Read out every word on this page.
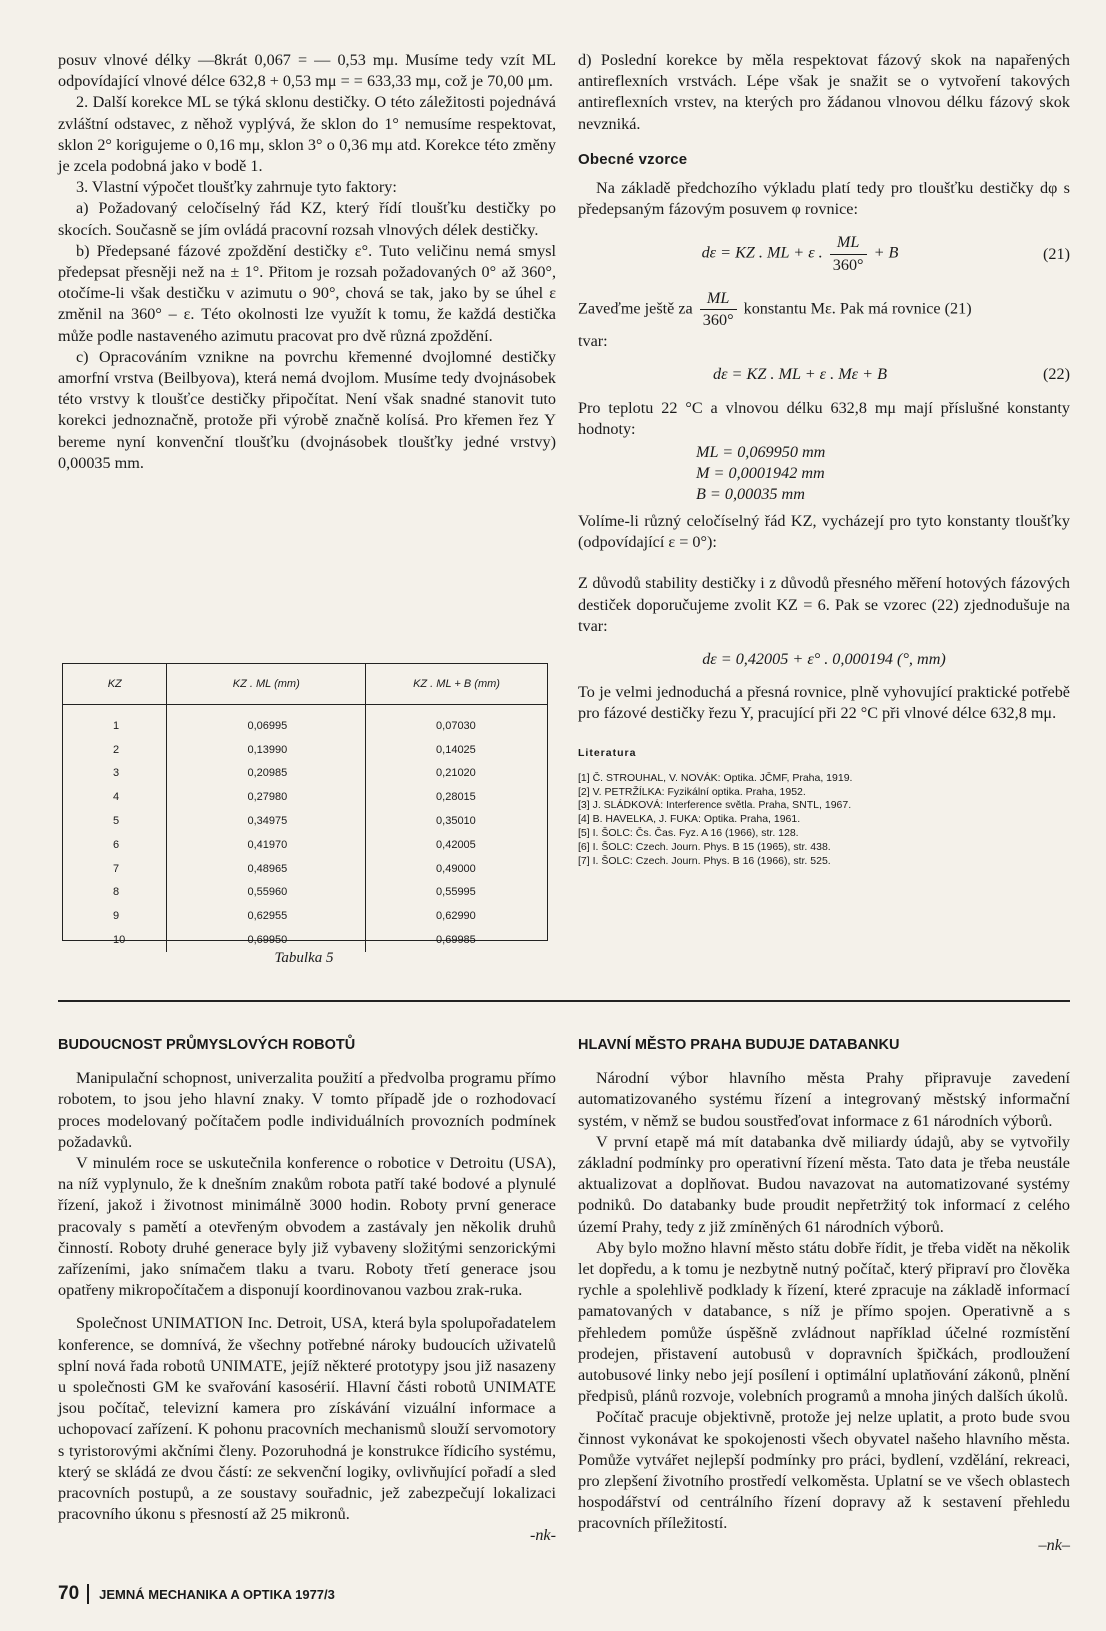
posuv vlnové délky —8krát 0,067 = — 0,53 mμ. Musíme tedy vzít ML odpovídající vlnové délce 632,8 + 0,53 mμ = = 633,33 mμ, což je 70,00 μm.

2. Další korekce ML se týká sklonu destičky. O této záležitosti pojednává zvláštní odstavec, z něhož vyplývá, že sklon do 1° nemusíme respektovat, sklon 2° korigujeme o 0,16 mμ, sklon 3° o 0,36 mμ atd. Korekce této změny je zcela podobná jako v bodě 1.

3. Vlastní výpočet tloušťky zahrnuje tyto faktory:

a) Požadovaný celočíselný řád KZ, který řídí tloušťku destičky po skocích. Současně se jím ovládá pracovní rozsah vlnových délek destičky.

b) Předepsané fázové zpoždění destičky ε°. Tuto veličinu nemá smysl předepsat přesněji než na ± 1°. Přitom je rozsah požadovaných 0° až 360°, otočíme-li však destičku v azimutu o 90°, chová se tak, jako by se úhel ε změnil na 360° – ε. Této okolnosti lze využít k tomu, že každá destička může podle nastaveného azimutu pracovat pro dvě různá zpoždění.

c) Opracováním vznikne na povrchu křemenné dvojlomné destičky amorfní vrstva (Beilbyova), která nemá dvojlom. Musíme tedy dvojnásobek této vrstvy k tloušťce destičky připočítat. Není však snadné stanovit tuto korekci jednoznačně, protože při výrobě značně kolísá. Pro křemen řez Y bereme nyní konvenční tloušťku (dvojnásobek tloušťky jedné vrstvy) 0,00035 mm.

KZ	KZ . ML (mm)	KZ . ML + B (mm)
1	0,06995	0,07030
2	0,13990	0,14025
3	0,20985	0,21020
4	0,27980	0,28015
5	0,34975	0,35010
6	0,41970	0,42005
7	0,48965	0,49000
8	0,55960	0,55995
9	0,62955	0,62990
10	0,69950	0,69985
Tabulka 5

d) Poslední korekce by měla respektovat fázový skok na napařených antireflexních vrstvách. Lépe však je snažit se o vytvoření takových antireflexních vrstev, na kterých pro žádanou vlnovou délku fázový skok nevzniká.

Obecné vzorce

Na základě předchozího výkladu platí tedy pro tloušťku destičky dφ s předepsaným fázovým posuvem φ rovnice:

dε = KZ . ML + ε . $\frac{ML}{360^\circ} + B$	(21)

Zaveďme ještě za $\frac{ML}{360^\circ}$ konstantu Mε. Pak má rovnice (21)

tvar:

dε = KZ . ML + ε . Mε + B	(22)

Pro teplotu 22 °C a vlnovou délku 632,8 mμ mají příslušné konstanty hodnoty:

ML = 0,069950 mm
M = 0,0001942 mm
B = 0,00035 mm

Volíme-li různý celočíselný řád KZ, vycházejí pro tyto konstanty tloušťky (odpovídající ε = 0°):

Z důvodů stability destičky i z důvodů přesného měření hotových fázových destiček doporučujeme zvolit KZ = 6. Pak se vzorec (22) zjednodušuje na tvar:

dε = 0,42005 + ε° . 0,000194 (°, mm)

To je velmi jednoduchá a přesná rovnice, plně vyhovující praktické potřebě pro fázové destičky řezu Y, pracující při 22 °C při vlnové délce 632,8 mμ.

Literatura
[1] Č. STROUHAL, V. NOVÁK: Optika. JČMF, Praha, 1919.
[2] V. PETRŽÍLKA: Fyzikální optika. Praha, 1952.
[3] J. SLÁDKOVÁ: Interference světla. Praha, SNTL, 1967.
[4] B. HAVELKA, J. FUKA: Optika. Praha, 1961.
[5] I. ŠOLC: Čs. Čas. Fyz. A 16 (1966), str. 128.
[6] I. ŠOLC: Czech. Journ. Phys. B 15 (1965), str. 438.
[7] I. ŠOLC: Czech. Journ. Phys. B 16 (1966), str. 525.
BUDOUCNOST PRŮMYSLOVÝCH ROBOTŮ

Manipulační schopnost, univerzalita použití a předvolba programu přímo robotem, to jsou jeho hlavní znaky. V tomto případě jde o rozhodovací proces modelovaný počítačem podle individuálních provozních podmínek požadavků.

V minulém roce se uskutečnila konference o robotice v Detroitu (USA), na níž vyplynulo, že k dnešním znakům robota patří také bodové a plynulé řízení, jakož i životnost minimálně 3000 hodin. Roboty první generace pracovaly s pamětí a otevřeným obvodem a zastávaly jen několik druhů činností. Roboty druhé generace byly již vybaveny složitými senzorickými zařízeními, jako snímačem tlaku a tvaru. Roboty třetí generace jsou opatřeny mikropočítačem a disponují koordinovanou vazbou zrak-ruka.

Společnost UNIMATION Inc. Detroit, USA, která byla spolupořadatelem konference, se domnívá, že všechny potřebné nároky budoucích uživatelů splní nová řada robotů UNIMATE, jejíž některé prototypy jsou již nasazeny u společnosti GM ke svařování kasosérií. Hlavní části robotů UNIMATE jsou počítač, televizní kamera pro získávání vizuální informace a uchopovací zařízení. K pohonu pracovních mechanismů slouží servomotory s tyristorovými akčními členy. Pozoruhodná je konstrukce řídicího systému, který se skládá ze dvou částí: ze sekvenční logiky, ovlivňující pořadí a sled pracovních postupů, a ze soustavy souřadnic, jež zabezpečují lokalizaci pracovního úkonu s přesností až 25 mikronů.

-nk-
HLAVNÍ MĚSTO PRAHA BUDUJE DATABANKU

Národní výbor hlavního města Prahy připravuje zavedení automatizovaného systému řízení a integrovaný městský informační systém, v němž se budou soustřeďovat informace z 61 národních výborů.

V první etapě má mít databanka dvě miliardy údajů, aby se vytvořily základní podmínky pro operativní řízení města. Tato data je třeba neustále aktualizovat a doplňovat. Budou navazovat na automatizované systémy podniků. Do databanky bude proudit nepřetržitý tok informací z celého území Prahy, tedy z již zmíněných 61 národních výborů.

Aby bylo možno hlavní město státu dobře řídit, je třeba vidět na několik let dopředu, a k tomu je nezbytně nutný počítač, který připraví pro člověka rychle a spolehlivě podklady k řízení, které zpracuje na základě informací pamatovaných v databance, s níž je přímo spojen. Operativně a s přehledem pomůže úspěšně zvládnout například účelné rozmístění prodejen, přistavení autobusů v dopravních špičkách, prodloužení autobusové linky nebo její posílení i optimální uplatňování zákonů, plnění předpisů, plánů rozvoje, volebních programů a mnoha jiných dalších úkolů.

Počítač pracuje objektivně, protože jej nelze uplatit, a proto bude svou činnost vykonávat ke spokojenosti všech obyvatel našeho hlavního města. Pomůže vytvářet nejlepší podmínky pro práci, bydlení, vzdělání, rekreaci, pro zlepšení životního prostředí velkoměsta. Uplatní se ve všech oblastech hospodářství od centrálního řízení dopravy až k sestavení přehledu pracovních příležitostí.

–nk–
70 JEMNÁ MECHANIKA A OPTIKA 1977/3
